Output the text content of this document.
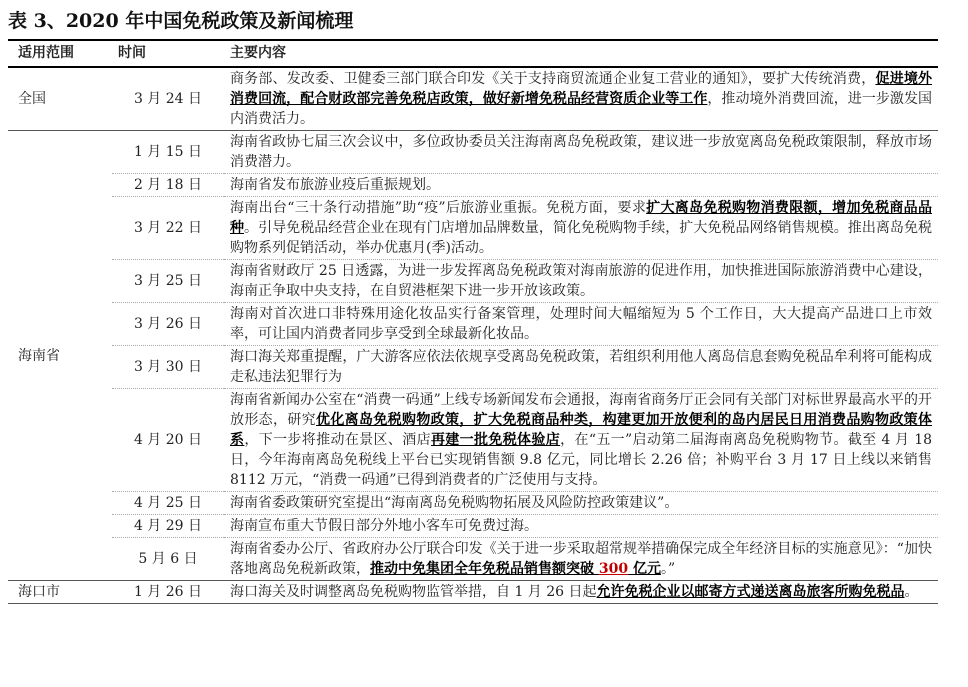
表 3、2020 年中国免税政策及新闻梳理
适用范围	时间	主要内容
全国	3 月 24 日	商务部、发改委、卫健委三部门联合印发《关于支持商贸流通企业复工营业的通知》，要扩大传统消费，促进境外消费回流，配合财政部完善免税店政策，做好新增免税品经营资质企业等工作，推动境外消费回流，进一步激发国内消费活力。
海南省	1 月 15 日	海南省政协七届三次会议中，多位政协委员关注海南离岛免税政策，建议进一步放宽离岛免税政策限制，释放市场消费潜力。
	2 月 18 日	海南省发布旅游业疫后重振规划。
	3 月 22 日	海南出台“三十条行动措施”助“疫”后旅游业重振。免税方面，要求扩大离岛免税购物消费限额，增加免税商品品种。引导免税品经营企业在现有门店增加品牌数量，简化免税购物手续，扩大免税品网络销售规模。推出离岛免税购物系列促销活动，举办优惠月(季)活动。
	3 月 25 日	海南省财政厅 25 日透露，为进一步发挥离岛免税政策对海南旅游的促进作用，加快推进国际旅游消费中心建设，海南正争取中央支持，在自贸港框架下进一步开放该政策。
	3 月 26 日	海南对首次进口非特殊用途化妆品实行备案管理，处理时间大幅缩短为 5 个工作日，大大提高产品进口上市效率，可让国内消费者同步享受到全球最新化妆品。
	3 月 30 日	海口海关郑重提醒，广大游客应依法依规享受离岛免税政策，若组织利用他人离岛信息套购免税品牟利将可能构成走私违法犯罪行为
	4 月 20 日	海南省新闻办公室在“消费一码通”上线专场新闻发布会通报，海南省商务厅正会同有关部门对标世界最高水平的开放形态，研究优化离岛免税购物政策，扩大免税商品种类，构建更加开放便利的岛内居民日用消费品购物政策体系，下一步将推动在景区、酒店再建一批免税体验店，在“五一”启动第二届海南离岛免税购物节。截至 4 月 18 日，今年海南离岛免税线上平台已实现销售额 9.8 亿元，同比增长 2.26 倍；补购平台 3 月 17 日上线以来销售 8112 万元，“消费一码通”已得到消费者的广泛使用与支持。
	4 月 25 日	海南省委政策研究室提出“海南离岛免税购物拓展及风险防控政策建议”。
	4 月 29 日	海南宣布重大节假日部分外地小客车可免费过海。
	5 月 6 日	海南省委办公厅、省政府办公厅联合印发《关于进一步采取超常规举措确保完成全年经济目标的实施意见》：“加快落地离岛免税新政策，推动中免集团全年免税品销售额突破 300 亿元。”
海口市	1 月 26 日	海口海关及时调整离岛免税购物监管举措，自 1 月 26 日起允许免税企业以邮寄方式递送离岛旅客所购免税品。
